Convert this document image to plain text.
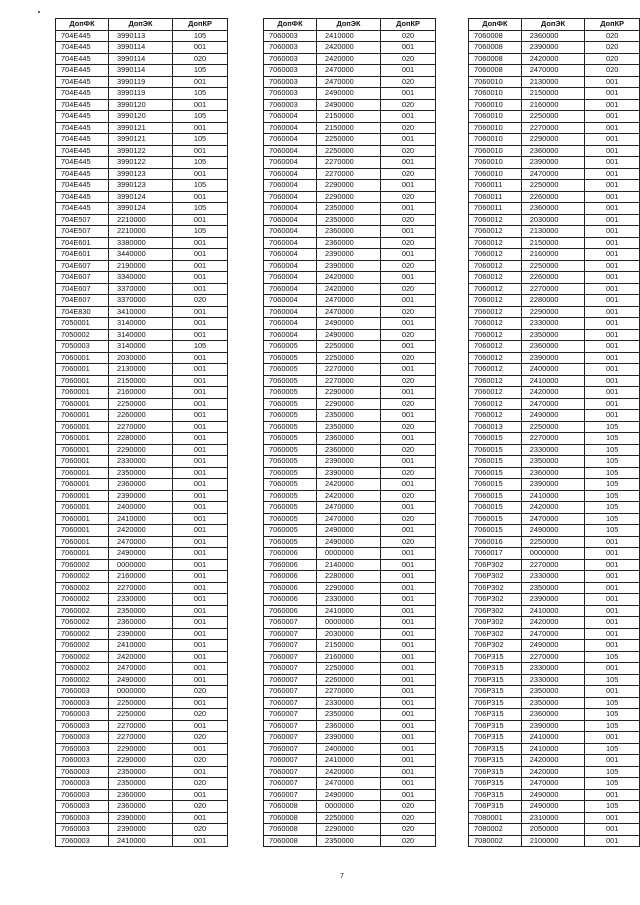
ДопФК	ДопЭК	ДопКР
704E445	3990113	105
704E445	3990114	001
704E445	3990114	020
704E445	3990114	105
704E445	3990119	001
704E445	3990119	105
704E445	3990120	001
704E445	3990120	105
704E445	3990121	001
704E445	3990121	105
704E445	3990122	001
704E445	3990122	105
704E445	3990123	001
704E445	3990123	105
704E445	3990124	001
704E445	3990124	105
704E507	2210000	001
704E507	2210000	105
704E601	3380000	001
704E601	3440000	001
704E607	2190000	001
704E607	3340000	001
704E607	3370000	001
704E607	3370000	020
704E830	3410000	001
7050001	3140000	001
7050002	3140000	001
7050003	3140000	105
7060001	2030000	001
7060001	2130000	001
7060001	2150000	001
7060001	2160000	001
7060001	2250000	001
7060001	2260000	001
7060001	2270000	001
7060001	2280000	001
7060001	2290000	001
7060001	2330000	001
7060001	2350000	001
7060001	2360000	001
7060001	2390000	001
7060001	2400000	001
7060001	2410000	001
7060001	2420000	001
7060001	2470000	001
7060001	2490000	001
7060002	0000000	001
7060002	2160000	001
7060002	2270000	001
7060002	2330000	001
7060002	2350000	001
7060002	2360000	001
7060002	2390000	001
7060002	2410000	001
7060002	2420000	001
7060002	2470000	001
7060002	2490000	001
7060003	0000000	020
7060003	2250000	001
7060003	2250000	020
7060003	2270000	001
7060003	2270000	020
7060003	2290000	001
7060003	2290000	020
7060003	2350000	001
7060003	2350000	020
7060003	2360000	001
7060003	2360000	020
7060003	2390000	001
7060003	2390000	020
7060003	2410000	001
ДопФК	ДопЭК	ДопКР
7060003	2410000	020
7060003	2420000	001
7060003	2420000	020
7060003	2470000	001
7060003	2470000	020
7060003	2490000	001
7060003	2490000	020
7060004	2150000	001
7060004	2150000	020
7060004	2250000	001
7060004	2250000	020
7060004	2270000	001
7060004	2270000	020
7060004	2290000	001
7060004	2290000	020
7060004	2350000	001
7060004	2350000	020
7060004	2360000	001
7060004	2360000	020
7060004	2390000	001
7060004	2390000	020
7060004	2420000	001
7060004	2420000	020
7060004	2470000	001
7060004	2470000	020
7060004	2490000	001
7060004	2490000	020
7060005	2250000	001
7060005	2250000	020
7060005	2270000	001
7060005	2270000	020
7060005	2290000	001
7060005	2290000	020
7060005	2350000	001
7060005	2350000	020
7060005	2360000	001
7060005	2360000	020
7060005	2390000	001
7060005	2390000	020
7060005	2420000	001
7060005	2420000	020
7060005	2470000	001
7060005	2470000	020
7060005	2490000	001
7060005	2490000	020
7060006	0000000	001
7060006	2140000	001
7060006	2280000	001
7060006	2290000	001
7060006	2330000	001
7060006	2410000	001
7060007	0000000	001
7060007	2030000	001
7060007	2150000	001
7060007	2160000	001
7060007	2250000	001
7060007	2260000	001
7060007	2270000	001
7060007	2330000	001
7060007	2350000	001
7060007	2360000	001
7060007	2390000	001
7060007	2400000	001
7060007	2410000	001
7060007	2420000	001
7060007	2470000	001
7060007	2490000	001
7060008	0000000	020
7060008	2250000	020
7060008	2290000	020
7060008	2350000	020
ДопФК	ДопЭК	ДопКР
7060008	2360000	020
7060008	2390000	020
7060008	2420000	020
7060008	2470000	020
7060010	2130000	001
7060010	2150000	001
7060010	2160000	001
7060010	2250000	001
7060010	2270000	001
7060010	2290000	001
7060010	2360000	001
7060010	2390000	001
7060010	2470000	001
7060011	2250000	001
7060011	2260000	001
7060011	2360000	001
7060012	2030000	001
7060012	2130000	001
7060012	2150000	001
7060012	2160000	001
7060012	2250000	001
7060012	2260000	001
7060012	2270000	001
7060012	2280000	001
7060012	2290000	001
7060012	2330000	001
7060012	2350000	001
7060012	2360000	001
7060012	2390000	001
7060012	2400000	001
7060012	2410000	001
7060012	2420000	001
7060012	2470000	001
7060012	2490000	001
7060013	2250000	105
7060015	2270000	105
7060015	2330000	105
7060015	2350000	105
7060015	2360000	105
7060015	2390000	105
7060015	2410000	105
7060015	2420000	105
7060015	2470000	105
7060015	2490000	105
7060016	2250000	001
7060017	0000000	001
706P302	2270000	001
706P302	2330000	001
706P302	2350000	001
706P302	2390000	001
706P302	2410000	001
706P302	2420000	001
706P302	2470000	001
706P302	2490000	001
706P315	2270000	105
706P315	2330000	001
706P315	2330000	105
706P315	2350000	001
706P315	2350000	105
706P315	2360000	105
706P315	2390000	105
706P315	2410000	001
706P315	2410000	105
706P315	2420000	001
706P315	2420000	105
706P315	2470000	105
706P315	2490000	001
706P315	2490000	105
7080001	2310000	001
7080002	2050000	001
7080002	2100000	001
7
